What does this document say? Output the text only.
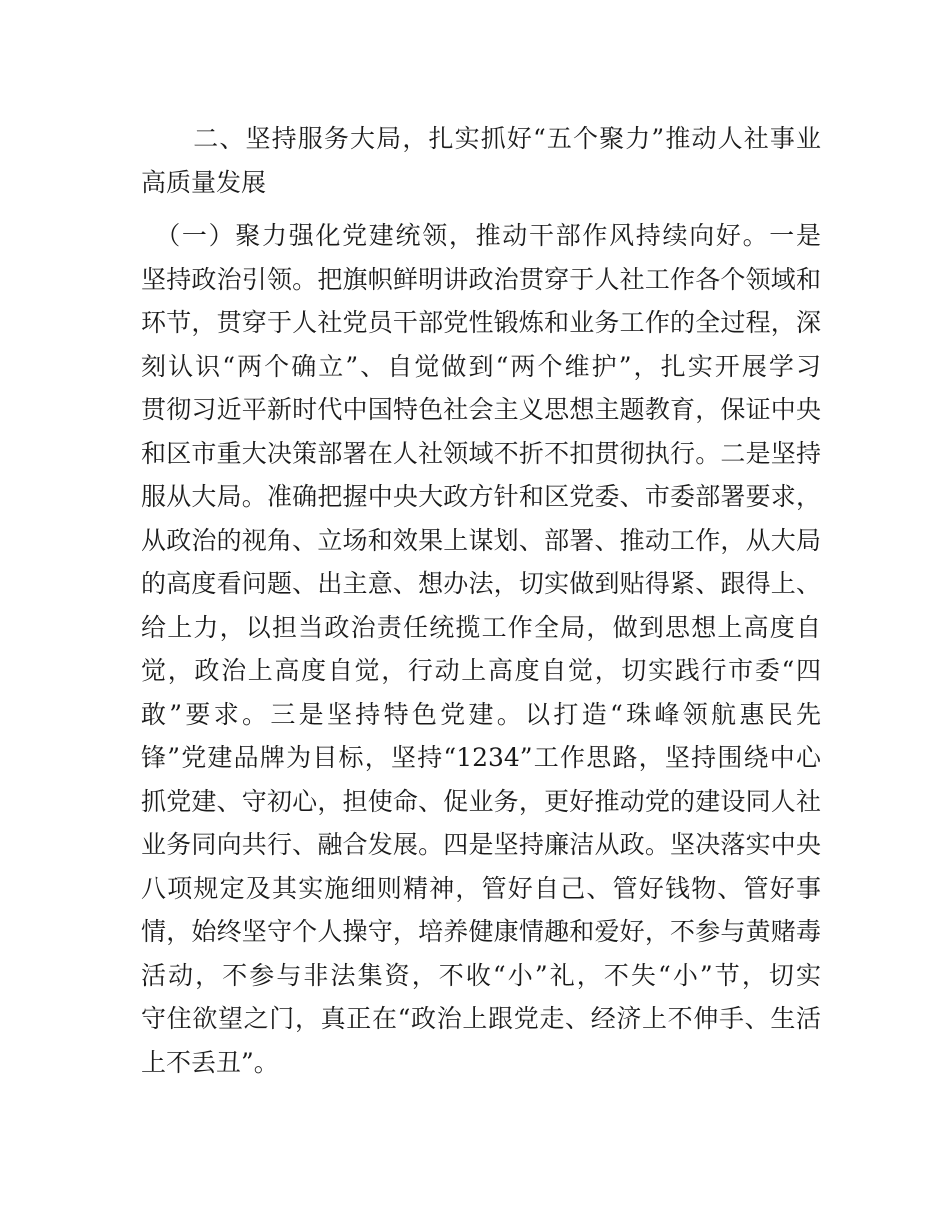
　　二、坚持服务大局，扎实抓好“五个聚力”推动人社事业
高质量发展
　（一）聚力强化党建统领，推动干部作风持续向好。一是
坚持政治引领。把旗帜鲜明讲政治贯穿于人社工作各个领域和
环节，贯穿于人社党员干部党性锻炼和业务工作的全过程，深
刻认识“两个确立”、自觉做到“两个维护”，扎实开展学习
贯彻习近平新时代中国特色社会主义思想主题教育，保证中央
和区市重大决策部署在人社领域不折不扣贯彻执行。二是坚持
服从大局。准确把握中央大政方针和区党委、市委部署要求，
从政治的视角、立场和效果上谋划、部署、推动工作，从大局
的高度看问题、出主意、想办法，切实做到贴得紧、跟得上、
给上力，以担当政治责任统揽工作全局，做到思想上高度自
觉，政治上高度自觉，行动上高度自觉，切实践行市委“四
敢”要求。三是坚持特色党建。以打造“珠峰领航惠民先
锋”党建品牌为目标，坚持“1234”工作思路，坚持围绕中心
抓党建、守初心，担使命、促业务，更好推动党的建设同人社
业务同向共行、融合发展。四是坚持廉洁从政。坚决落实中央
八项规定及其实施细则精神，管好自己、管好钱物、管好事
情，始终坚守个人操守，培养健康情趣和爱好，不参与黄赌毒
活动，不参与非法集资，不收“小”礼，不失“小”节，切实
守住欲望之门，真正在“政治上跟党走、经济上不伸手、生活
上不丢丑”。
